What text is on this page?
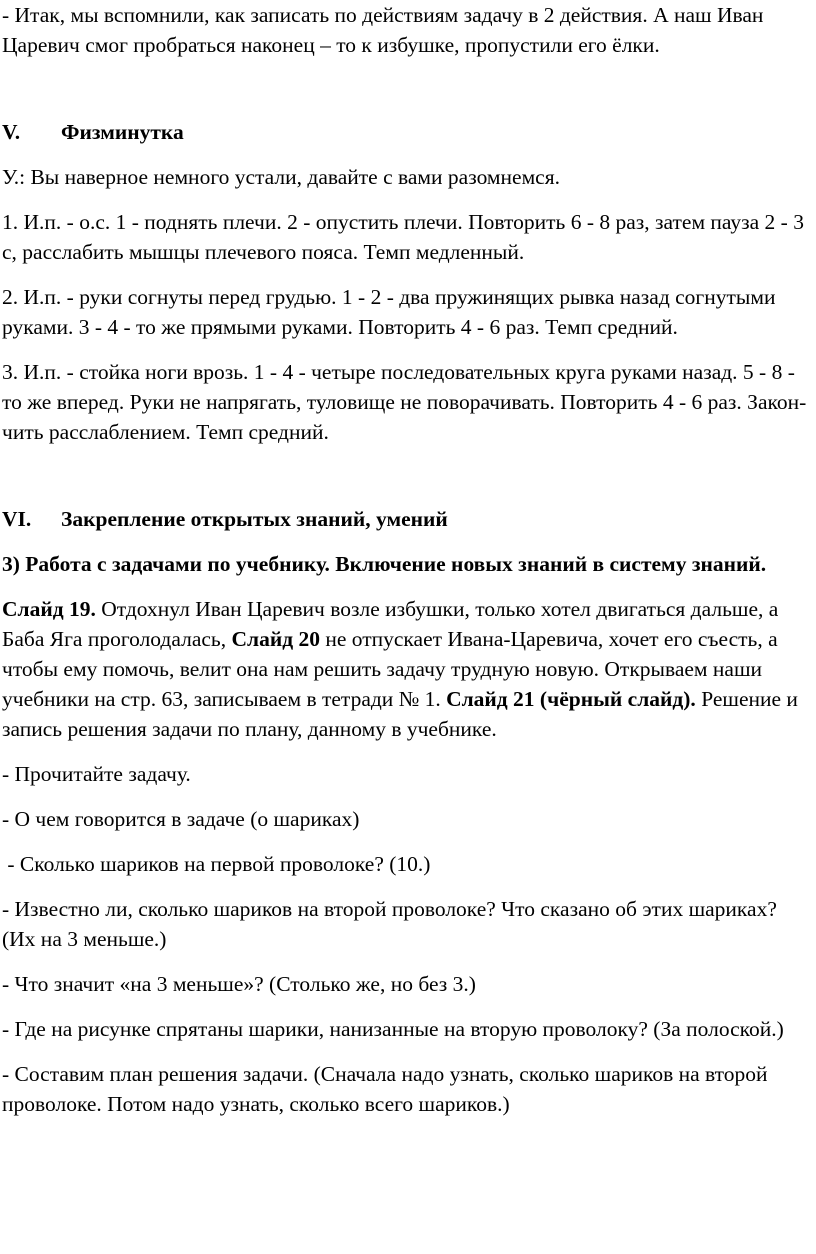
- Итак, мы вспомнили, как записать по действиям задачу в 2 действия. А наш Иван Царевич смог пробраться наконец – то к избушке, пропустили его ёлки.

V.	Физминутка

У.: Вы наверное немного устали, давайте с вами разомнемся.

1. И.п. - о.с. 1 - поднять плечи. 2 - опустить плечи. Повторить 6 - 8 раз, затем пауза 2 - 3 с, расслабить мышцы плечевого пояса. Темп медленный.

2. И.п. - руки согнуты перед грудью. 1 - 2 - два пружинящих рывка назад согнутыми руками. 3 - 4 - то же прямыми руками. Повторить 4 - 6 раз. Темп средний.

3. И.п. - стойка ноги врозь. 1 - 4 - четыре последовательных круга руками назад. 5 - 8 - то же вперед. Руки не напрягать, туловище не поворачивать. Повторить 4 - 6 раз. Закон-чить расслаблением. Темп средний.

VI.	Закрепление открытых знаний, умений

3) Работа с задачами по учебнику. Включение новых знаний в систему знаний.

Слайд 19. Отдохнул Иван Царевич возле избушки, только хотел двигаться дальше, а Баба Яга проголодалась, Слайд 20 не отпускает Ивана-Царевича, хочет его съесть, а чтобы ему помочь, велит она нам решить задачу трудную новую. Открываем наши учебники на стр. 63, записываем в тетради № 1. Слайд 21 (чёрный слайд). Решение и запись решения задачи по плану, данному в учебнике.

- Прочитайте задачу.

- О чем говорится в задаче (о шариках)

- Сколько шариков на первой проволоке? (10.)

- Известно ли, сколько шариков на второй проволоке? Что сказано об этих шариках? (Их на 3 меньше.)

- Что значит «на 3 меньше»? (Столько же, но без 3.)

- Где на рисунке спрятаны шарики, нанизанные на вторую проволоку? (За полоской.)

- Составим план решения задачи. (Сначала надо узнать, сколько шариков на второй проволоке. Потом надо узнать, сколько всего шариков.)
